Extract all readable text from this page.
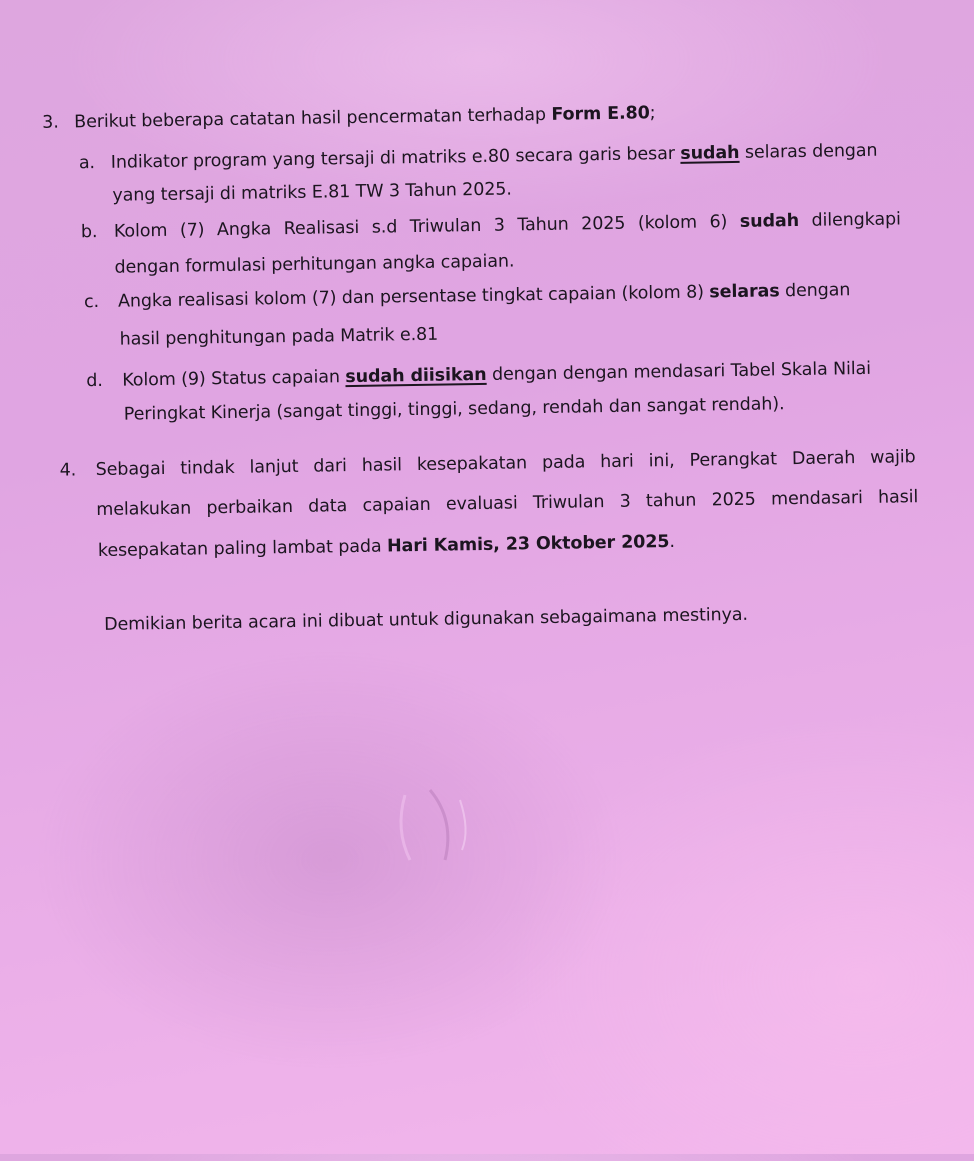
3. Berikut beberapa catatan hasil pencermatan terhadap Form E.80;
a. Indikator program yang tersaji di matriks e.80 secara garis besar sudah selaras dengan
yang tersaji di matriks E.81 TW 3 Tahun 2025.
b. Kolom (7) Angka Realisasi s.d Triwulan 3 Tahun 2025 (kolom 6) sudah dilengkapi
dengan formulasi perhitungan angka capaian.
c. Angka realisasi kolom (7) dan persentase tingkat capaian (kolom 8) selaras dengan
hasil penghitungan pada Matrik e.81
d. Kolom (9) Status capaian sudah diisikan dengan dengan mendasari Tabel Skala Nilai
Peringkat Kinerja (sangat tinggi, tinggi, sedang, rendah dan sangat rendah).
4. Sebagai tindak lanjut dari hasil kesepakatan pada hari ini, Perangkat Daerah wajib
melakukan perbaikan data capaian evaluasi Triwulan 3 tahun 2025 mendasari hasil
kesepakatan paling lambat pada Hari Kamis, 23 Oktober 2025.
Demikian berita acara ini dibuat untuk digunakan sebagaimana mestinya.
